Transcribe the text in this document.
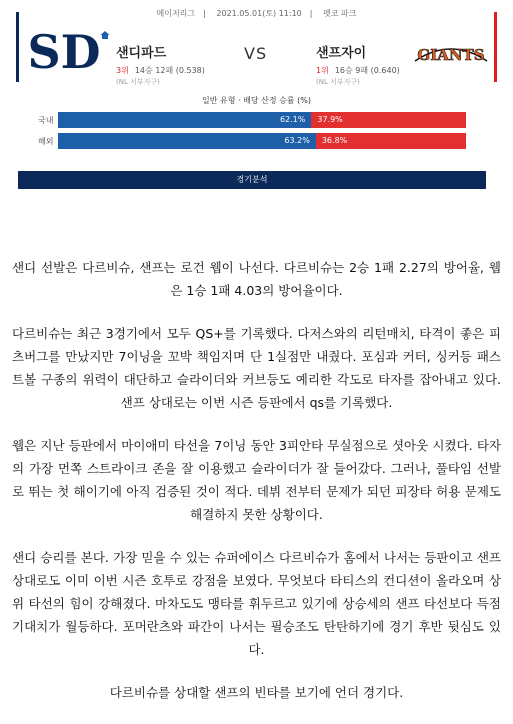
메이저리그 | 2021.05.01(토) 11:10 | 펫코 파크
SD 샌디파드
3위 14승 12패 (0.538)
(NL 서부지구)
VS	샌프자이
1위 16승 9패 (0.640)
(NL 서부지구)
GIANTS
일반 유형 · 배당 산정 승률 (%)
국내	62.1% 37.9%
해외	63.2% 36.8%
경기분석

샌디 선발은 다르비슈, 샌프는 로건 웹이 나선다. 다르비슈는 2승 1패 2.27의 방어율, 웹은 1승 1패 4.03의 방어율이다.

다르비슈는 최근 3경기에서 모두 QS+를 기록했다. 다저스와의 리턴매치, 타격이 좋은 피츠버그를 만났지만 7이닝을 꼬박 책임지며 단 1실점만 내줬다. 포심과 커터, 싱커등 패스트볼 구종의 위력이 대단하고 슬라이더와 커브등도 예리한 각도로 타자를 잡아내고 있다. 샌프 상대로는 이번 시즌 등판에서 qs를 기록했다.

웹은 지난 등판에서 마이애미 타선을 7이닝 동안 3피안타 무실점으로 셧아웃 시켰다. 타자의 가장 먼쪽 스트라이크 존을 잘 이용했고 슬라이더가 잘 들어갔다. 그러나, 풀타임 선발로 뛰는 첫 해이기에 아직 검증된 것이 적다. 데뷔 전부터 문제가 되던 피장타 허용 문제도 해결하지 못한 상황이다.

샌디 승리를 본다. 가장 믿을 수 있는 슈퍼에이스 다르비슈가 홈에서 나서는 등판이고 샌프 상대로도 이미 이번 시즌 호투로 강점을 보였다. 무엇보다 타티스의 컨디션이 올라오며 상위 타선의 힘이 강해졌다. 마차도도 맹타를 휘두르고 있기에 상승세의 샌프 타선보다 득점 기대치가 월등하다. 포머란츠와 파간이 나서는 필승조도 탄탄하기에 경기 후반 뒷심도 있다.

다르비슈를 상대할 샌프의 빈타를 보기에 언더 경기다.
